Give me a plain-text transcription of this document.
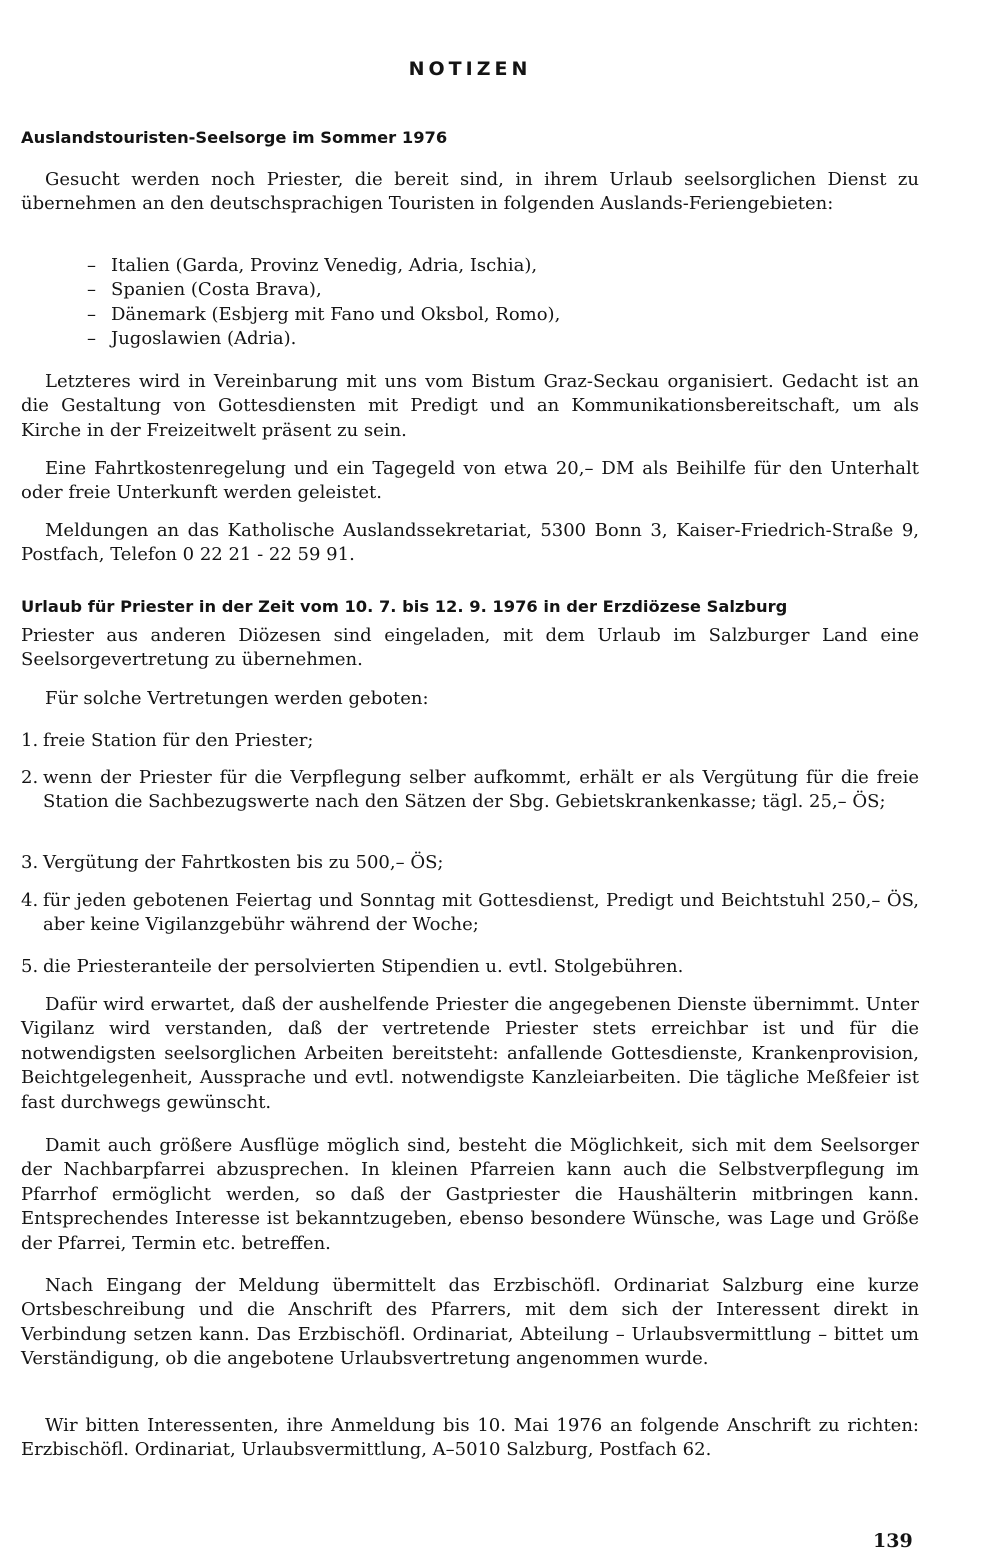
NOTIZEN
Auslandstouristen-Seelsorge im Sommer 1976

Gesucht werden noch Priester, die bereit sind, in ihrem Urlaub seelsorglichen Dienst zu übernehmen an den deutschsprachigen Touristen in folgenden Auslands-Feriengebieten:

– Italien (Garda, Provinz Venedig, Adria, Ischia),
– Spanien (Costa Brava),
– Dänemark (Esbjerg mit Fano und Oksbol, Romo),
– Jugoslawien (Adria).

Letzteres wird in Vereinbarung mit uns vom Bistum Graz-Seckau organisiert. Gedacht ist an die Gestaltung von Gottesdiensten mit Predigt und an Kommunikationsbereitschaft, um als Kirche in der Freizeitwelt präsent zu sein.

Eine Fahrtkostenregelung und ein Tagegeld von etwa 20,– DM als Beihilfe für den Unterhalt oder freie Unterkunft werden geleistet.

Meldungen an das Katholische Auslandssekretariat, 5300 Bonn 3, Kaiser-Friedrich-Straße 9, Postfach, Telefon 0 22 21 - 22 59 91.

Urlaub für Priester in der Zeit vom 10. 7. bis 12. 9. 1976 in der Erzdiözese Salzburg

Priester aus anderen Diözesen sind eingeladen, mit dem Urlaub im Salzburger Land eine Seelsorgevertretung zu übernehmen.

Für solche Vertretungen werden geboten:

1. freie Station für den Priester;
2. wenn der Priester für die Verpflegung selber aufkommt, erhält er als Vergütung für die freie Station die Sachbezugswerte nach den Sätzen der Sbg. Gebietskrankenkasse; tägl. 25,– ÖS;
3. Vergütung der Fahrtkosten bis zu 500,– ÖS;
4. für jeden gebotenen Feiertag und Sonntag mit Gottesdienst, Predigt und Beichtstuhl 250,– ÖS, aber keine Vigilanzgebühr während der Woche;
5. die Priesteranteile der persolvierten Stipendien u. evtl. Stolgebühren.

Dafür wird erwartet, daß der aushelfende Priester die angegebenen Dienste übernimmt. Unter Vigilanz wird verstanden, daß der vertretende Priester stets erreichbar ist und für die notwendigsten seelsorglichen Arbeiten bereitsteht: anfallende Gottesdienste, Krankenprovision, Beichtgelegenheit, Aussprache und evtl. notwendigste Kanzleiarbeiten. Die tägliche Meßfeier ist fast durchwegs gewünscht.

Damit auch größere Ausflüge möglich sind, besteht die Möglichkeit, sich mit dem Seelsorger der Nachbarpfarrei abzusprechen. In kleinen Pfarreien kann auch die Selbstverpflegung im Pfarrhof ermöglicht werden, so daß der Gastpriester die Haushälterin mitbringen kann. Entsprechendes Interesse ist bekanntzugeben, ebenso besondere Wünsche, was Lage und Größe der Pfarrei, Termin etc. betreffen.

Nach Eingang der Meldung übermittelt das Erzbischöfl. Ordinariat Salzburg eine kurze Ortsbeschreibung und die Anschrift des Pfarrers, mit dem sich der Interessent direkt in Verbindung setzen kann. Das Erzbischöfl. Ordinariat, Abteilung – Urlaubsvermittlung – bittet um Verständigung, ob die angebotene Urlaubsvertretung angenommen wurde.

Wir bitten Interessenten, ihre Anmeldung bis 10. Mai 1976 an folgende Anschrift zu richten: Erzbischöfl. Ordinariat, Urlaubsvermittlung, A–5010 Salzburg, Postfach 62.

139
